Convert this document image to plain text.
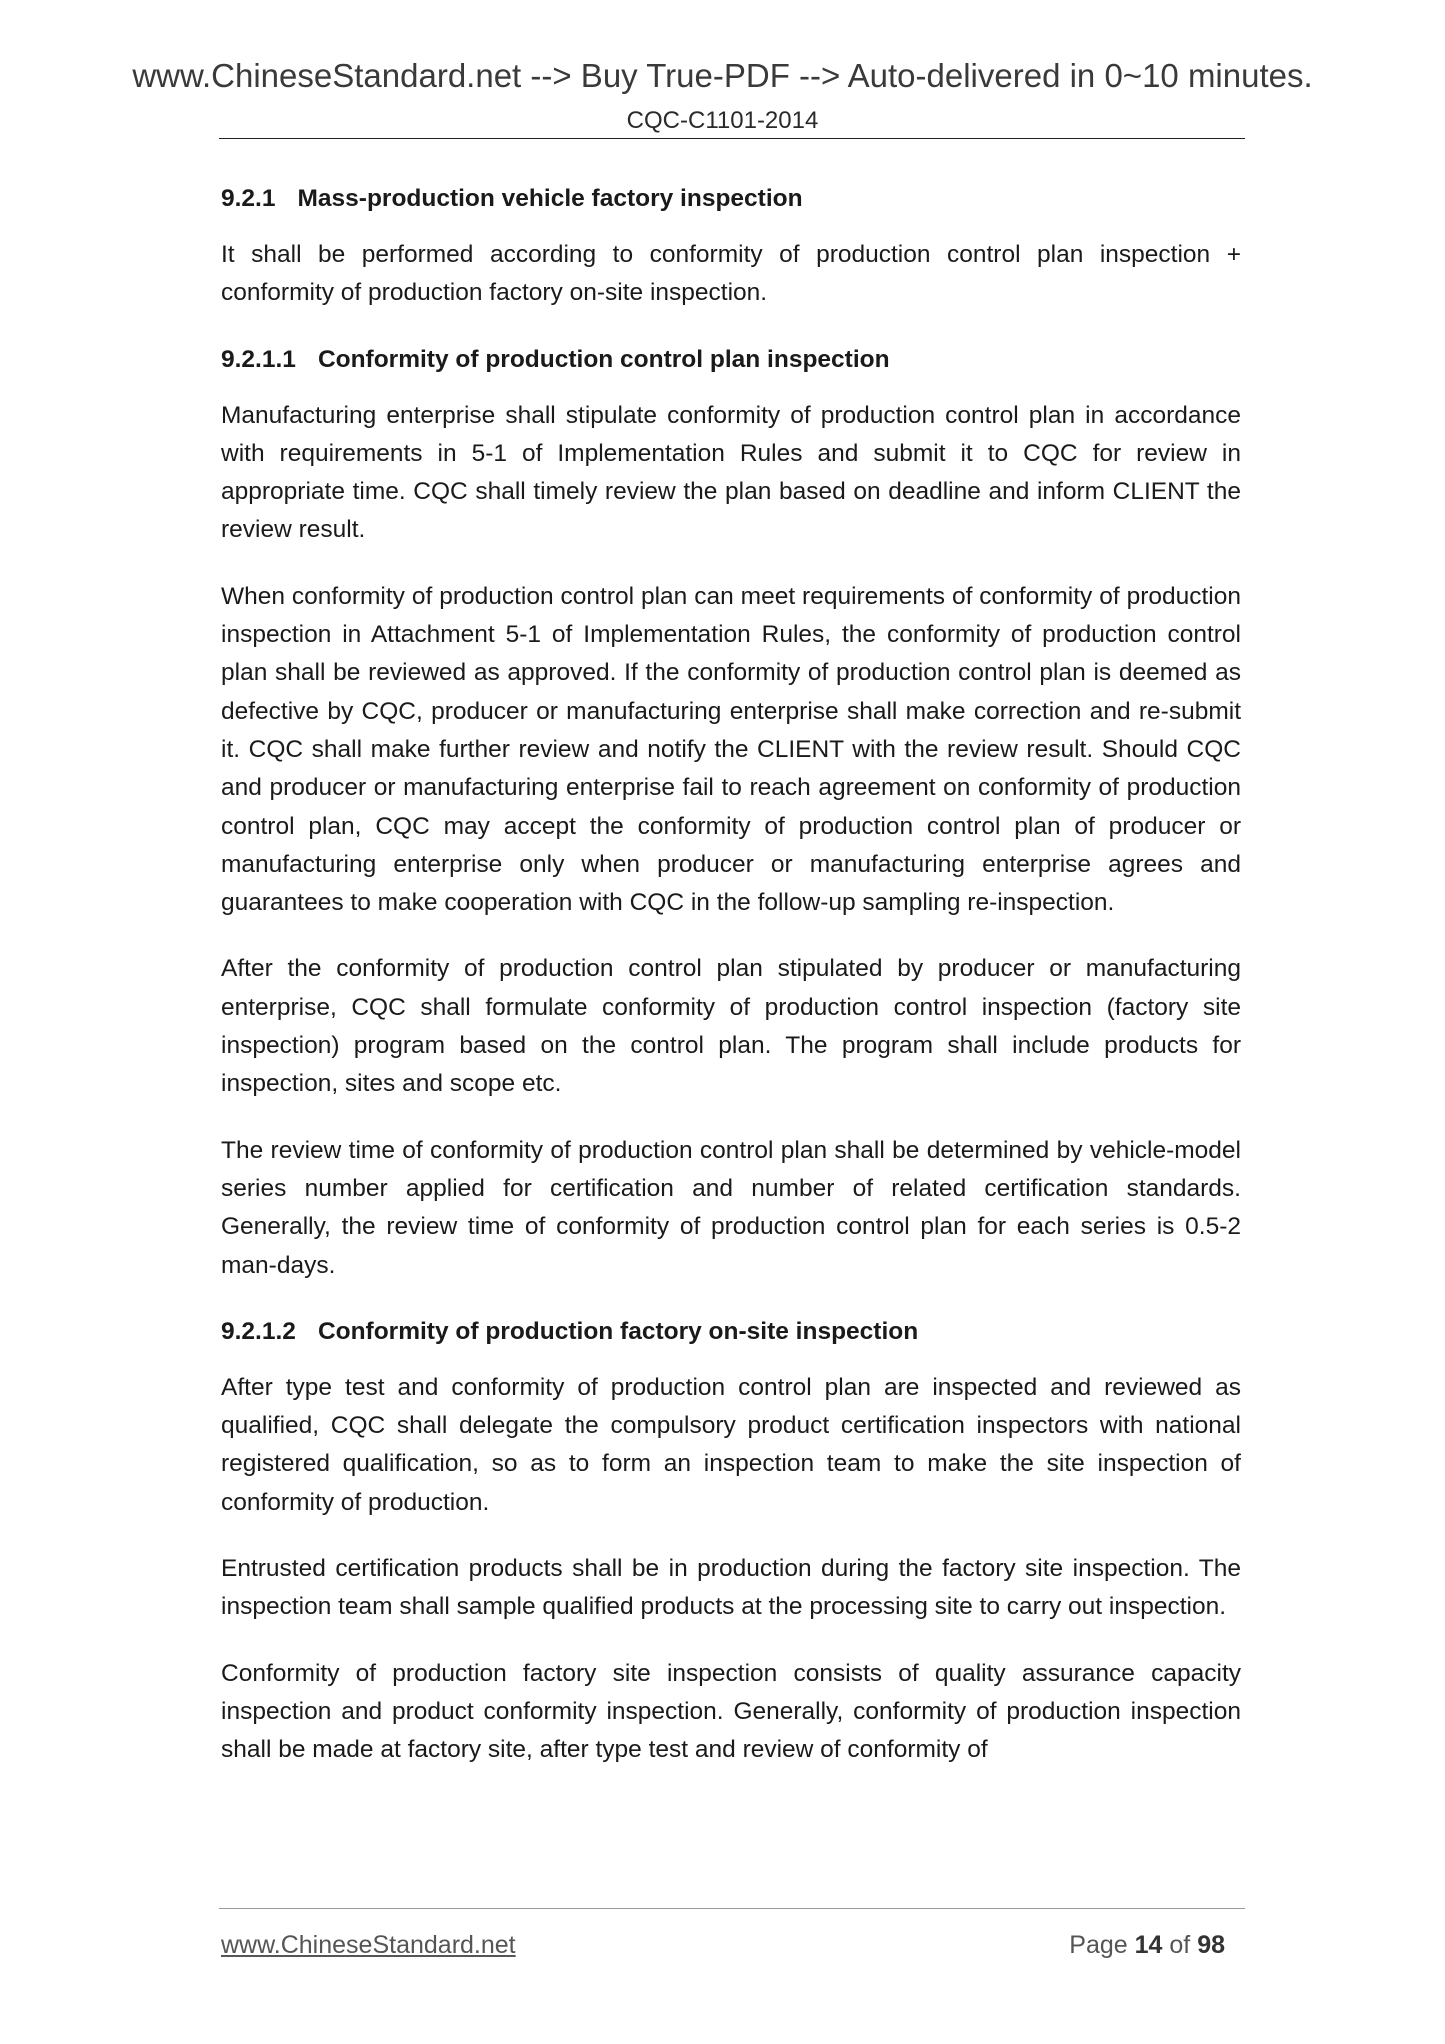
www.ChineseStandard.net --> Buy True-PDF --> Auto-delivered in 0~10 minutes.
CQC-C1101-2014
9.2.1 Mass-production vehicle factory inspection

It shall be performed according to conformity of production control plan inspection + conformity of production factory on-site inspection.

9.2.1.1 Conformity of production control plan inspection

Manufacturing enterprise shall stipulate conformity of production control plan in accordance with requirements in 5-1 of Implementation Rules and submit it to CQC for review in appropriate time. CQC shall timely review the plan based on deadline and inform CLIENT the review result.

When conformity of production control plan can meet requirements of conformity of production inspection in Attachment 5-1 of Implementation Rules, the conformity of production control plan shall be reviewed as approved. If the conformity of production control plan is deemed as defective by CQC, producer or manufacturing enterprise shall make correction and re-submit it. CQC shall make further review and notify the CLIENT with the review result. Should CQC and producer or manufacturing enterprise fail to reach agreement on conformity of production control plan, CQC may accept the conformity of production control plan of producer or manufacturing enterprise only when producer or manufacturing enterprise agrees and guarantees to make cooperation with CQC in the follow-up sampling re-inspection.

After the conformity of production control plan stipulated by producer or manufacturing enterprise, CQC shall formulate conformity of production control inspection (factory site inspection) program based on the control plan. The program shall include products for inspection, sites and scope etc.

The review time of conformity of production control plan shall be determined by vehicle-model series number applied for certification and number of related certification standards. Generally, the review time of conformity of production control plan for each series is 0.5-2 man-days.

9.2.1.2 Conformity of production factory on-site inspection

After type test and conformity of production control plan are inspected and reviewed as qualified, CQC shall delegate the compulsory product certification inspectors with national registered qualification, so as to form an inspection team to make the site inspection of conformity of production.

Entrusted certification products shall be in production during the factory site inspection. The inspection team shall sample qualified products at the processing site to carry out inspection.

Conformity of production factory site inspection consists of quality assurance capacity inspection and product conformity inspection. Generally, conformity of production inspection shall be made at factory site, after type test and review of conformity of

www.ChineseStandard.net	Page 14 of 98
